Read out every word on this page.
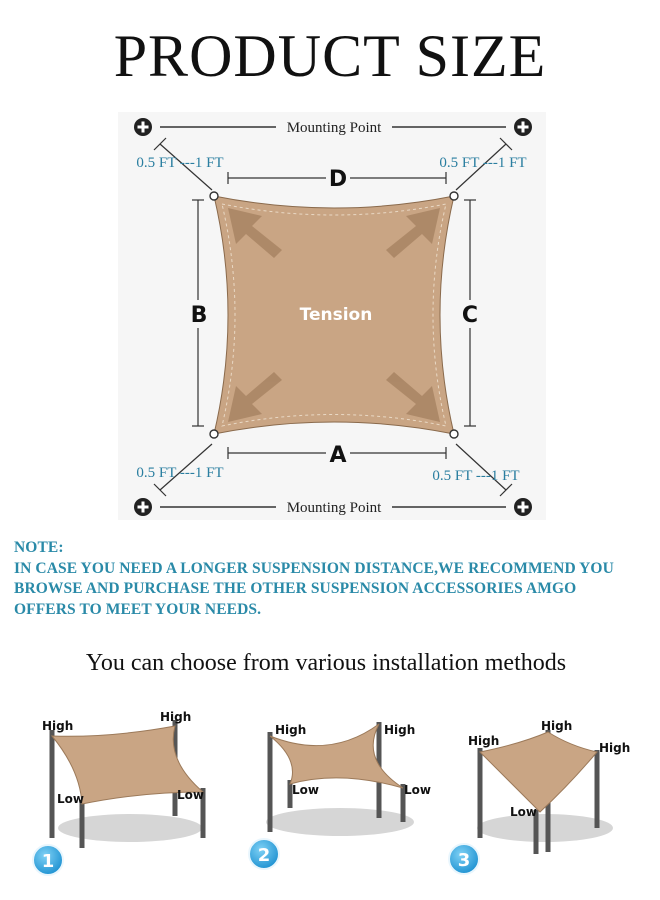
PRODUCT SIZE
Mounting Point
Mounting Point
0.5 FT ---1 FT	0.5 FT ---1 FT
0.5 FT ---1 FT	0.5 FT ---1 FT
Tension
D
A
B	C
NOTE:
IN CASE YOU NEED A LONGER SUSPENSION DISTANCE,WE RECOMMEND YOU
BROWSE AND PURCHASE THE OTHER SUSPENSION ACCESSORIES AMGO
OFFERS TO MEET YOUR NEEDS.
You can choose from various installation methods
High
High
Low	Low
1
High	High
Low	Low
2
High
High
High
Low
3
